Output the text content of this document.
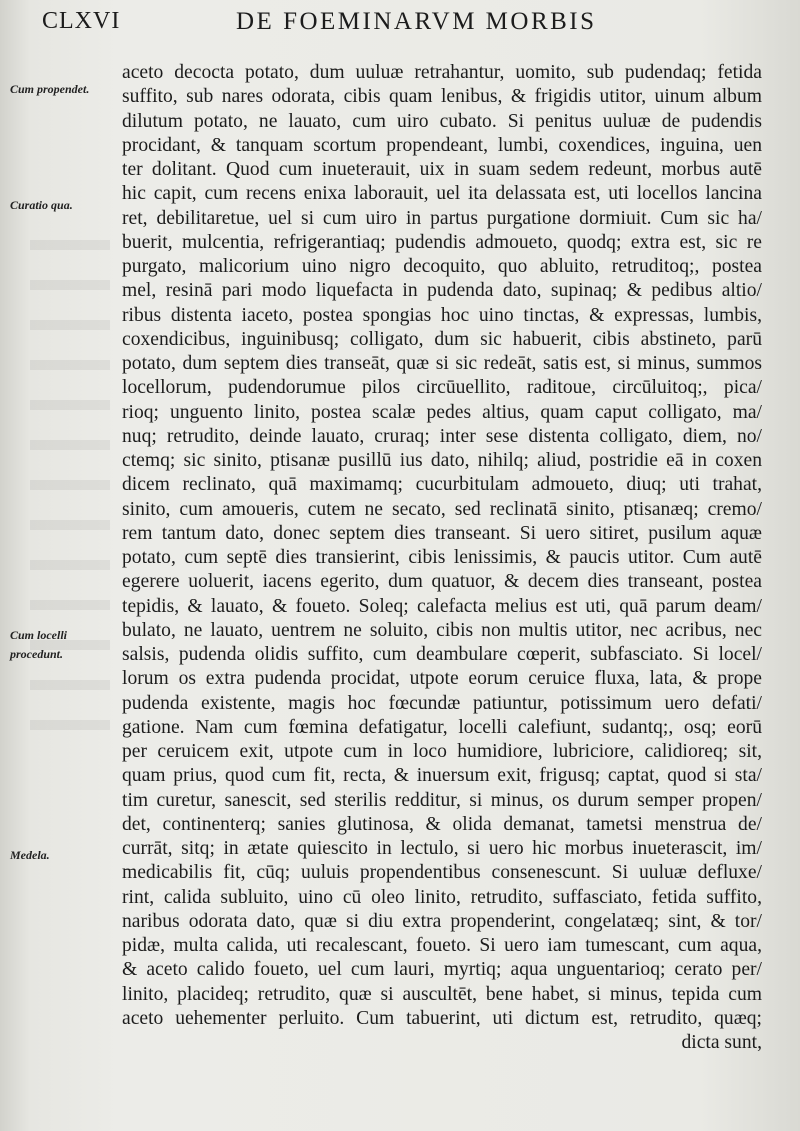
CLXVI	DE FOEMINARVM MORBIS
Cum propendet.
Curatio qua.
Cum locelli procedunt.
Medela.
aceto decocta potato, dum uuluæ retrahantur, uomito, sub pudendaq; fetida
suffito, sub nares odorata, cibis quam lenibus, & frigidis utitor, uinum album
dilutum potato, ne lauato, cum uiro cubato. Si penitus uuluæ de pudendis
procidant, & tanquam scortum propendeant, lumbi, coxendices, inguina, uen
ter dolitant. Quod cum inueterauit, uix in suam sedem redeunt, morbus autē
hic capit, cum recens enixa laborauit, uel ita delassata est, uti locellos lancina
ret, debilitaretue, uel si cum uiro in partus purgatione dormiuit. Cum sic ha/
buerit, mulcentia, refrigerantiaq; pudendis admoueto, quodq; extra est, sic re
purgato, malicorium uino nigro decoquito, quo abluito, retruditoq;, postea
mel, resinā pari modo liquefacta in pudenda dato, supinaq; & pedibus altio/
ribus distenta iaceto, postea spongias hoc uino tinctas, & expressas, lumbis,
coxendicibus, inguinibusq; colligato, dum sic habuerit, cibis abstineto, parū
potato, dum septem dies transeāt, quæ si sic redeāt, satis est, si minus, summos
locellorum, pudendorumue pilos circūuellito, raditoue, circūluitoq;, pica/
rioq; unguento linito, postea scalæ pedes altius, quam caput colligato, ma/
nuq; retrudito, deinde lauato, cruraq; inter sese distenta colligato, diem, no/
ctemq; sic sinito, ptisanæ pusillū ius dato, nihilq; aliud, postridie eā in coxen
dicem reclinato, quā maximamq; cucurbitulam admoueto, diuq; uti trahat,
sinito, cum amoueris, cutem ne secato, sed reclinatā sinito, ptisanæq; cremo/
rem tantum dato, donec septem dies transeant. Si uero sitiret, pusilum aquæ
potato, cum septē dies transierint, cibis lenissimis, & paucis utitor. Cum autē
egerere uoluerit, iacens egerito, dum quatuor, & decem dies transeant, postea
tepidis, & lauato, & foueto. Soleq; calefacta melius est uti, quā parum deam/
bulato, ne lauato, uentrem ne soluito, cibis non multis utitor, nec acribus, nec
salsis, pudenda olidis suffito, cum deambulare cœperit, subfasciato. Si locel/
lorum os extra pudenda procidat, utpote eorum ceruice fluxa, lata, & prope
pudenda existente, magis hoc fœcundæ patiuntur, potissimum uero defati/
gatione. Nam cum fœmina defatigatur, locelli calefiunt, sudantq;, osq; eorū
per ceruicem exit, utpote cum in loco humidiore, lubriciore, calidioreq; sit,
quam prius, quod cum fit, recta, & inuersum exit, frigusq; captat, quod si sta/
tim curetur, sanescit, sed sterilis redditur, si minus, os durum semper propen/
det, continenterq; sanies glutinosa, & olida demanat, tametsi menstrua de/
currāt, sitq; in ætate quiescito in lectulo, si uero hic morbus inueterascit, im/
medicabilis fit, cūq; uuluis propendentibus consenescunt. Si uuluæ defluxe/
rint, calida subluito, uino cū oleo linito, retrudito, suffasciato, fetida suffito,
naribus odorata dato, quæ si diu extra propenderint, congelatæq; sint, & tor/
pidæ, multa calida, uti recalescant, foueto. Si uero iam tumescant, cum aqua,
& aceto calido foueto, uel cum lauri, myrtiq; aqua unguentarioq; cerato per/
linito, placideq; retrudito, quæ si auscultēt, bene habet, si minus, tepida cum
aceto uehementer perluito. Cum tabuerint, uti dictum est, retrudito, quæq;
dicta sunt,
